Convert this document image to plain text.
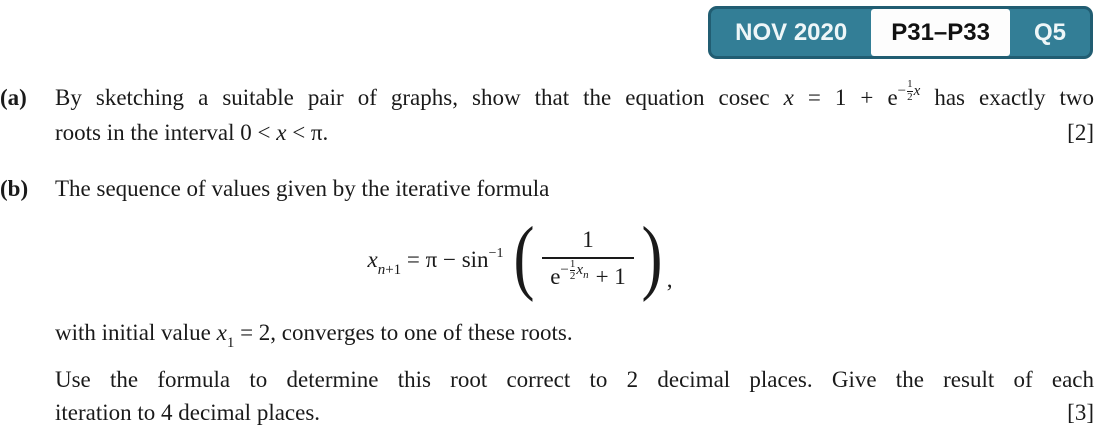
NOV 2020	P31–P33	Q5
(a)	By sketching a suitable pair of graphs, show that the equation cosec $x = 1 + e - \frac{1}{2}$ x has exactly two
roots in the interval 0 < x < π.	[2]
(b)	The sequence of values given by the iterative formula
$x_{n+1} = \pi - \sin^{-1}$ ( $\frac{1}{e - \frac{1}{2} x n + 1}$ ) ,
with initial value $x_1 = 2$, converges to one of these roots.
Use the formula to determine this root correct to 2 decimal places. Give the result of each
iteration to 4 decimal places.	[3]
